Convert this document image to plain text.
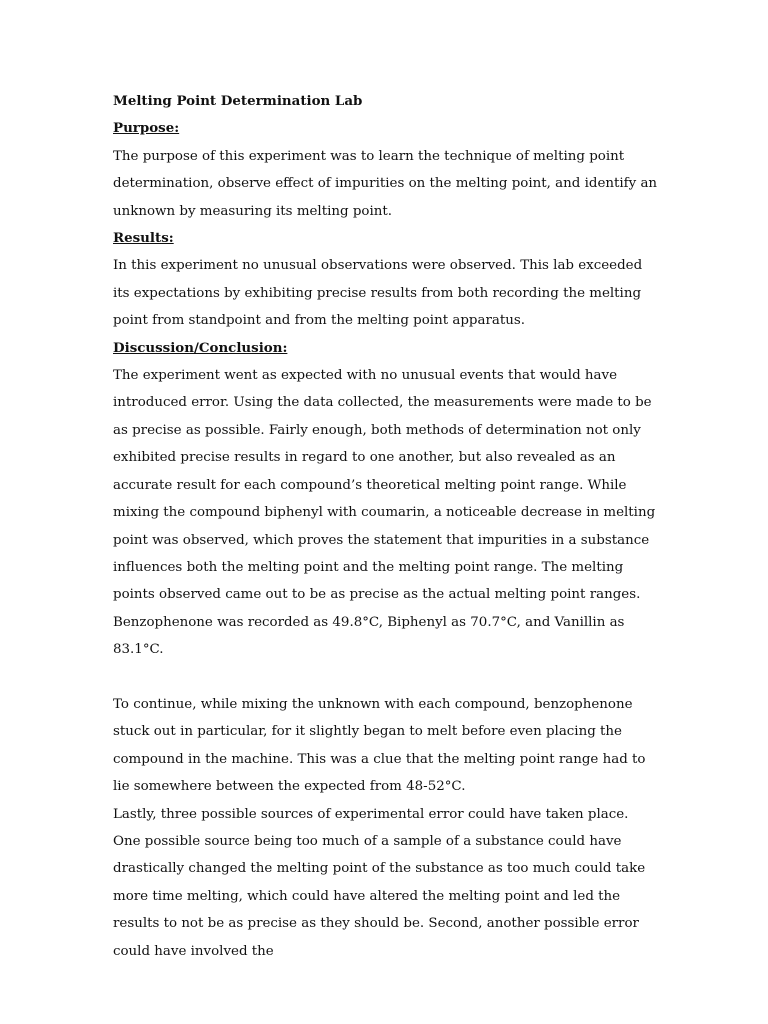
Melting Point Determination Lab

Purpose:

The purpose of this experiment was to learn the technique of melting point determination, observe effect of impurities on the melting point, and identify an unknown by measuring its melting point.

Results:

In this experiment no unusual observations were observed. This lab exceeded its expectations by exhibiting precise results from both recording the melting point from standpoint and from the melting point apparatus.

Discussion/Conclusion:

The experiment went as expected with no unusual events that would have introduced error. Using the data collected, the measurements were made to be as precise as possible. Fairly enough, both methods of determination not only exhibited precise results in regard to one another, but also revealed as an accurate result for each compound’s theoretical melting point range. While mixing the compound biphenyl with coumarin, a noticeable decrease in melting point was observed, which proves the statement that impurities in a substance influences both the melting point and the melting point range. The melting points observed came out to be as precise as the actual melting point ranges. Benzophenone was recorded as 49.8°C, Biphenyl as 70.7°C, and Vanillin as 83.1°C.

To continue, while mixing the unknown with each compound, benzophenone stuck out in particular, for it slightly began to melt before even placing the compound in the machine. This was a clue that the melting point range had to lie somewhere between the expected from 48-52°C.

Lastly, three possible sources of experimental error could have taken place. One possible source being too much of a sample of a substance could have drastically changed the melting point of the substance as too much could take more time melting, which could have altered the melting point and led the results to not be as precise as they should be. Second, another possible error could have involved the
